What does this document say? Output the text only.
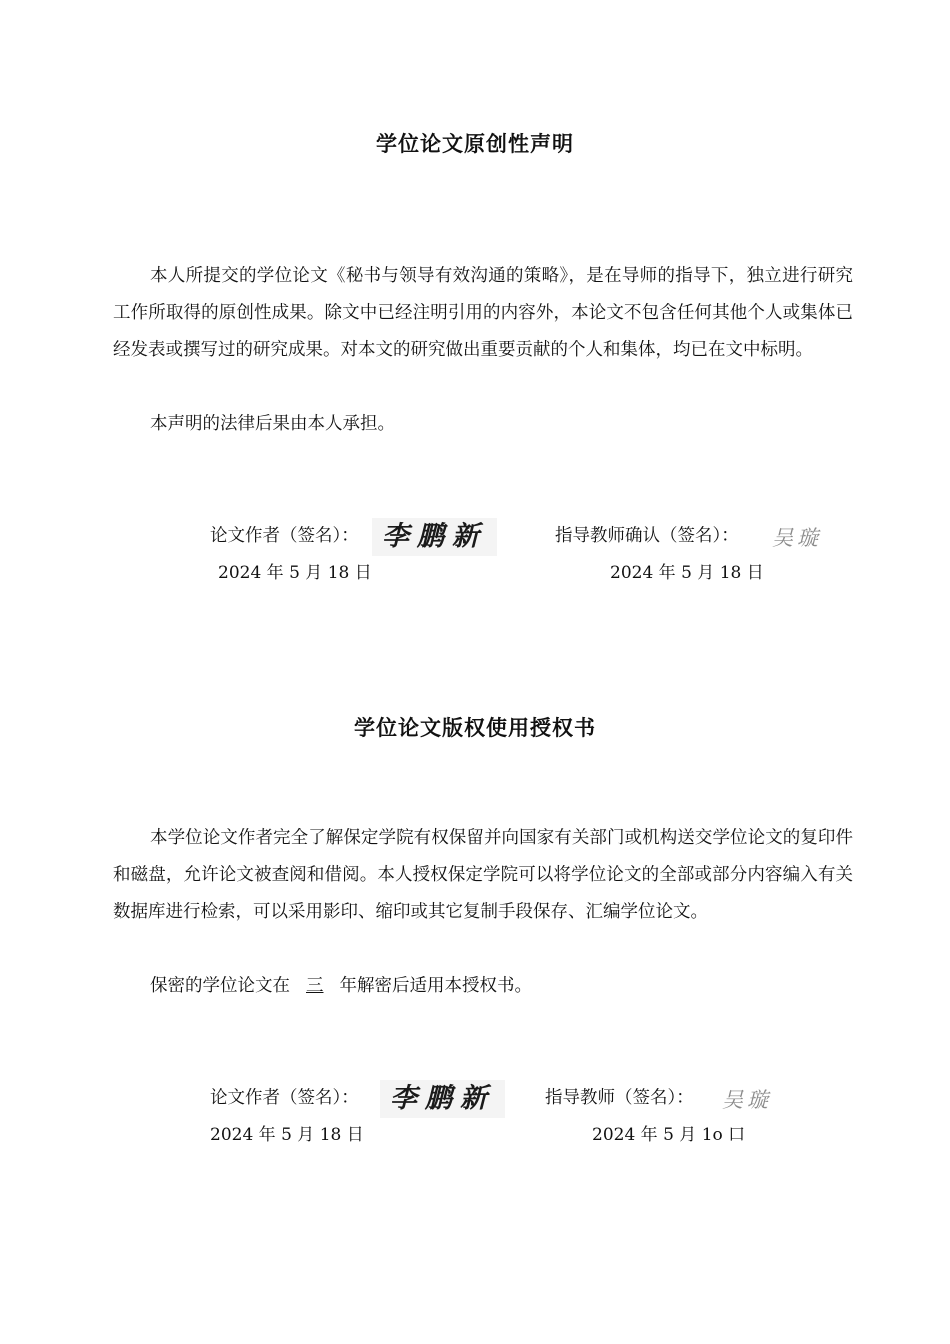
学位论文原创性声明

本人所提交的学位论文《秘书与领导有效沟通的策略》，是在导师的指导下，独立进行研究工作所取得的原创性成果。除文中已经注明引用的内容外，本论文不包含任何其他个人或集体已经发表或撰写过的研究成果。对本文的研究做出重要贡献的个人和集体，均已在文中标明。

本声明的法律后果由本人承担。

论文作者（签名）： 李鹏新	指导教师确认（签名）： 吴璇
2024 年 5 月 18 日	2024 年 5 月 18 日
学位论文版权使用授权书

本学位论文作者完全了解保定学院有权保留并向国家有关部门或机构送交学位论文的复印件和磁盘，允许论文被查阅和借阅。本人授权保定学院可以将学位论文的全部或部分内容编入有关数据库进行检索，可以采用影印、缩印或其它复制手段保存、汇编学位论文。

保密的学位论文在 三 年解密后适用本授权书。

论文作者（签名）：	李鹏新	指导教师（签名）： 吴璇
2024 年 5 月 18 日	2024 年 5 月 1ο 口
